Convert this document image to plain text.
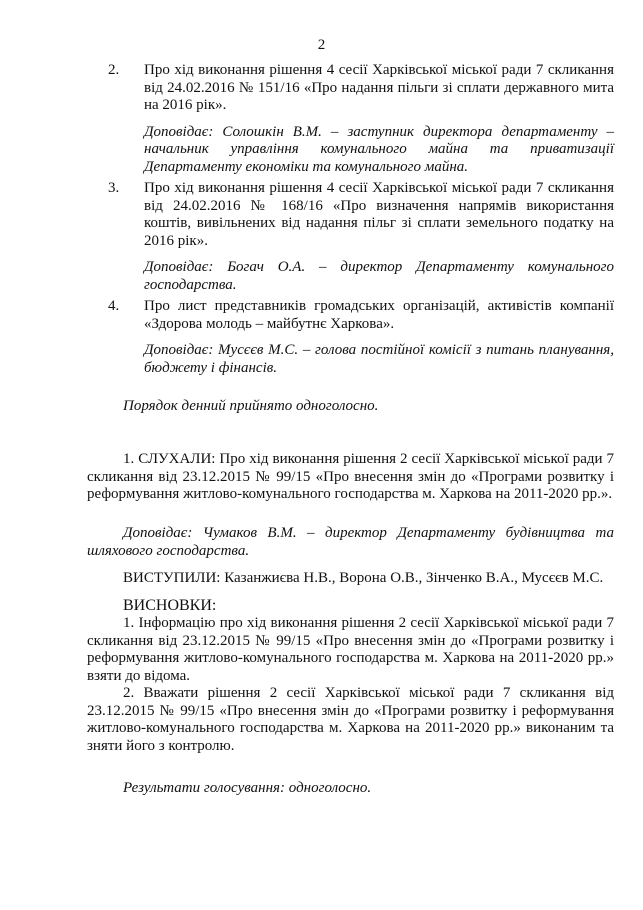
2
2. Про хід виконання рішення 4 сесії Харківської міської ради 7 скликання від 24.02.2016 № 151/16 «Про надання пільги зі сплати державного мита на 2016 рік».
Доповідає: Солошкін В.М. – заступник директора департаменту – начальник управління комунального майна та приватизації Департаменту економіки та комунального майна.
3. Про хід виконання рішення 4 сесії Харківської міської ради 7 скликання від 24.02.2016 № 168/16 «Про визначення напрямів використання коштів, вивільнених від надання пільг зі сплати земельного податку на 2016 рік».
Доповідає: Богач О.А. – директор Департаменту комунального господарства.
4. Про лист представників громадських організацій, активістів компанії «Здорова молодь – майбутнє Харкова».
Доповідає: Мусєєв М.С. – голова постійної комісії з питань планування, бюджету і фінансів.
Порядок денний прийнято одноголосно.
1. СЛУХАЛИ: Про хід виконання рішення 2 сесії Харківської міської ради 7 скликання від 23.12.2015 № 99/15 «Про внесення змін до «Програми розвитку і реформування житлово-комунального господарства м. Харкова на 2011-2020 рр.».
Доповідає: Чумаков В.М. – директор Департаменту будівництва та шляхового господарства.
ВИСТУПИЛИ: Казанжиєва Н.В., Ворона О.В., Зінченко В.А., Мусєєв М.С.
ВИСНОВКИ:
1. Інформацію про хід виконання рішення 2 сесії Харківської міської ради 7 скликання від 23.12.2015 № 99/15 «Про внесення змін до «Програми розвитку і реформування житлово-комунального господарства м. Харкова на 2011-2020 рр.» взяти до відома.
2. Вважати рішення 2 сесії Харківської міської ради 7 скликання від 23.12.2015 № 99/15 «Про внесення змін до «Програми розвитку і реформування житлово-комунального господарства м. Харкова на 2011-2020 рр.» виконаним та зняти його з контролю.
Результати голосування: одноголосно.
